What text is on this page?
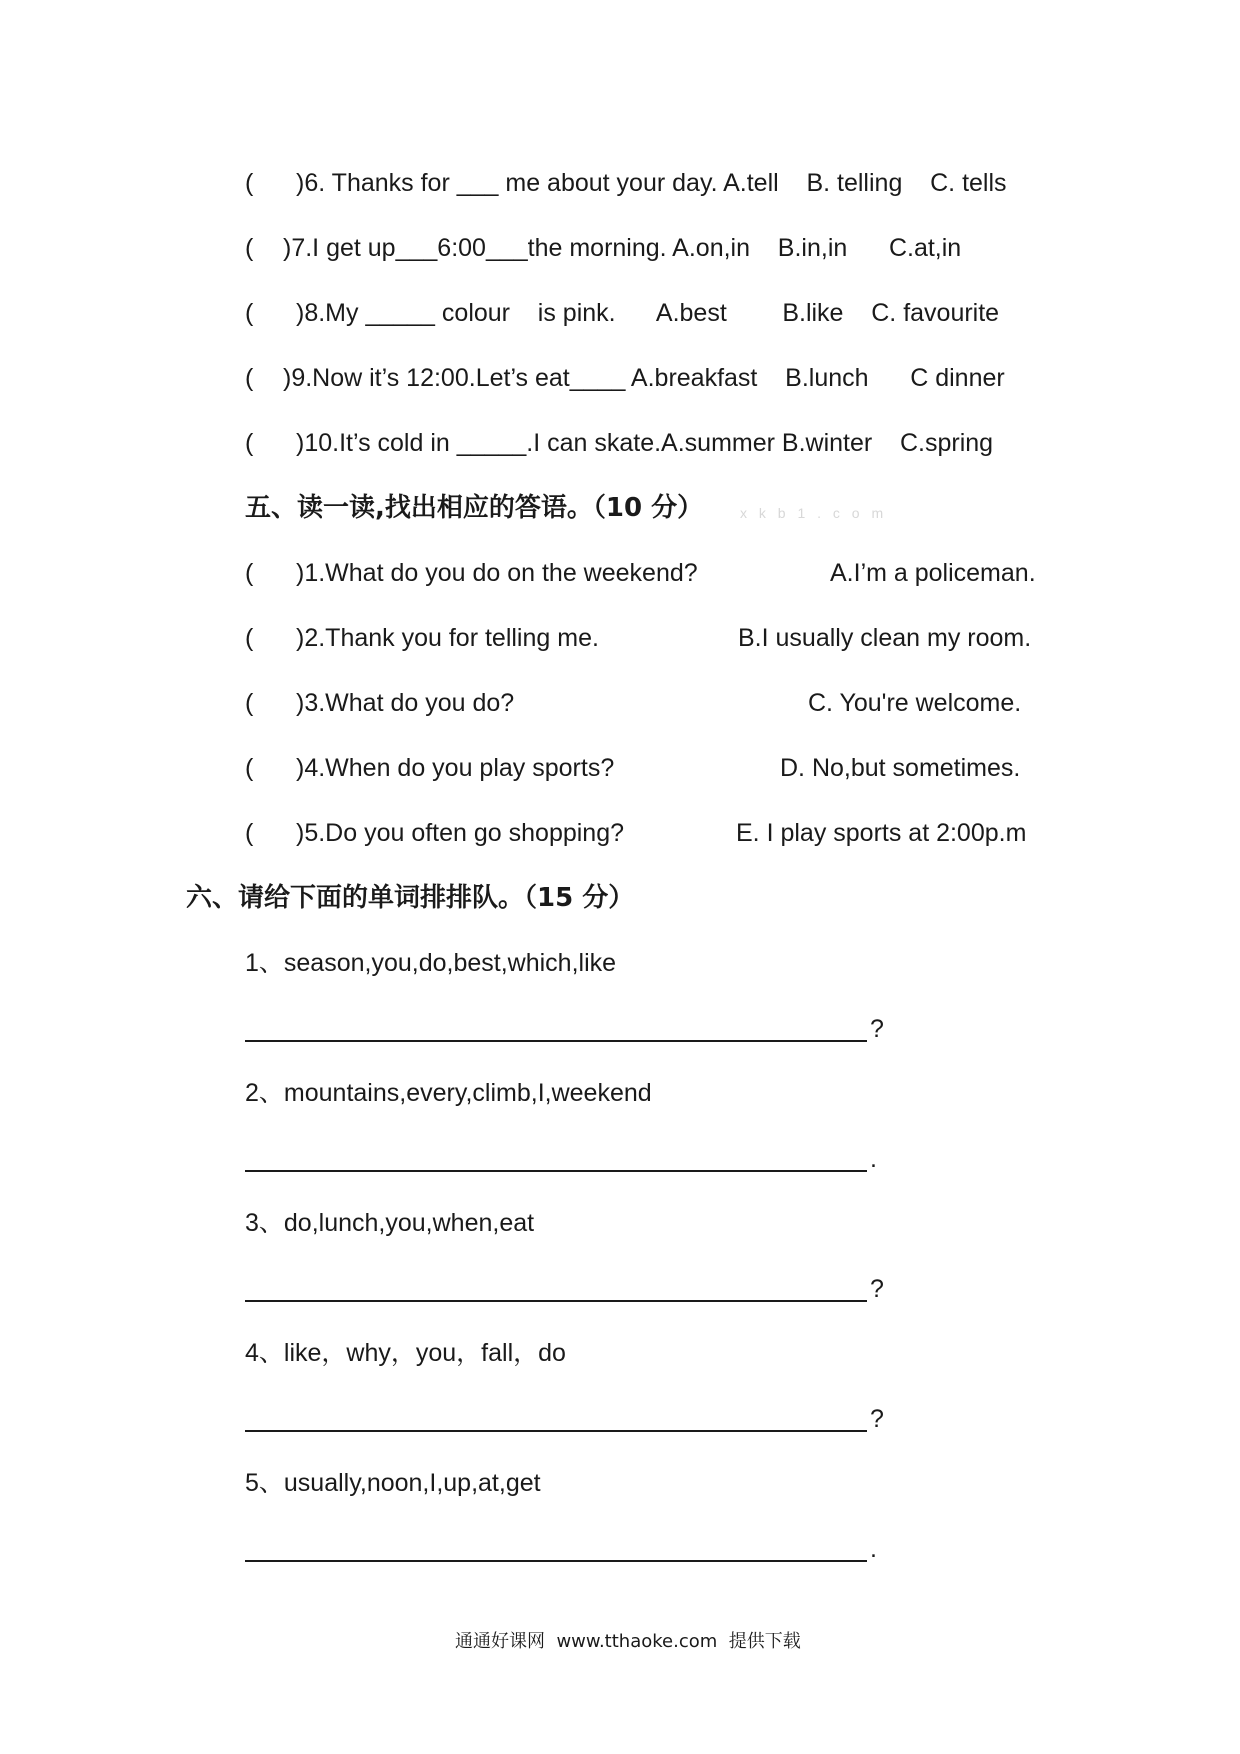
( )6. Thanks for ___ me about your day. A.tell    B. telling    C. tells
( )7.I get up___6:00___the morning. A.on,in    B.in,in      C.at,in
( )8.My _____ colour    is pink.      A.best        B.like    C. favourite
( )9.Now it’s 12:00.Let’s eat____ A.breakfast    B.lunch      C dinner
( )10.It’s cold in _____.I can skate.A.summer B.winter    C.spring
五、读一读,找出相应的答语。（10 分）	x k b 1 . c o m
( )1.What do you do on the weekend?	A.I’m a policeman.
( )2.Thank you for telling me.	B.I usually clean my room.
( )3.What do you do?	C. You're welcome.
( )4.When do you play sports?	D. No,but sometimes.
( )5.Do you often go shopping?	E. I play sports at 2:00p.m
六、请给下面的单词排排队。（15 分）
1、season,you,do,best,which,like
?
2、mountains,every,climb,I,weekend
.
3、do,lunch,you,when,eat
?
4、like，why，you，fall，do
?
5、usually,noon,I,up,at,get
.
通通好课网  www.tthaoke.com  提供下载
